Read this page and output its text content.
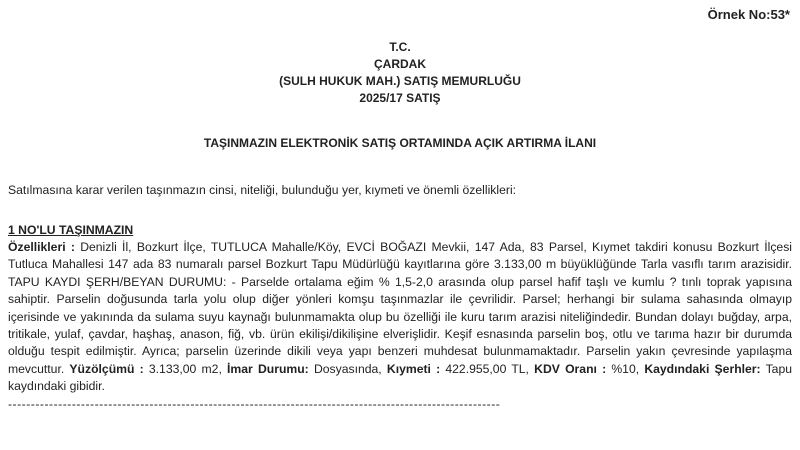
Örnek No:53*
T.C.
ÇARDAK
(SULH HUKUK MAH.) SATIŞ MEMURLUĞU
2025/17 SATIŞ
TAŞINMAZIN ELEKTRONİK SATIŞ ORTAMINDA AÇIK ARTIRMA İLANI
Satılmasına karar verilen taşınmazın cinsi, niteliği, bulunduğu yer, kıymeti ve önemli özellikleri:
1 NO'LU TAŞINMAZIN
Özellikleri : Denizli İl, Bozkurt İlçe, TUTLUCA Mahalle/Köy, EVCİ BOĞAZI Mevkii, 147 Ada, 83 Parsel, Kıymet takdiri konusu Bozkurt İlçesi Tutluca Mahallesi 147 ada 83 numaralı parsel Bozkurt Tapu Müdürlüğü kayıtlarına göre 3.133,00 m büyüklüğünde Tarla vasıflı tarım arazisidir. TAPU KAYDI ŞERH/BEYAN DURUMU: - Parselde ortalama eğim % 1,5-2,0 arasında olup parsel hafif taşlı ve kumlu ? tınlı toprak yapısına sahiptir. Parselin doğusunda tarla yolu olup diğer yönleri komşu taşınmazlar ile çevrilidir. Parsel; herhangi bir sulama sahasında olmayıp içerisinde ve yakınında da sulama suyu kaynağı bulunmamakta olup bu özelliği ile kuru tarım arazisi niteliğindedir. Bundan dolayı buğday, arpa, tritikale, yulaf, çavdar, haşhaş, anason, fiğ, vb. ürün ekilişi/dikilişine elverişlidir. Keşif esnasında parselin boş, otlu ve tarıma hazır bir durumda olduğu tespit edilmiştir. Ayrıca; parselin üzerinde dikili veya yapı benzeri muhdesat bulunmamaktadır. Parselin yakın çevresinde yapılaşma mevcuttur. Yüzölçümü : 3.133,00 m2, İmar Durumu: Dosyasında, Kıymeti : 422.955,00 TL, KDV Oranı : %10, Kaydındaki Şerhler: Tapu kaydındaki gibidir.
------------------------------------------------------------------------------------------------------------
